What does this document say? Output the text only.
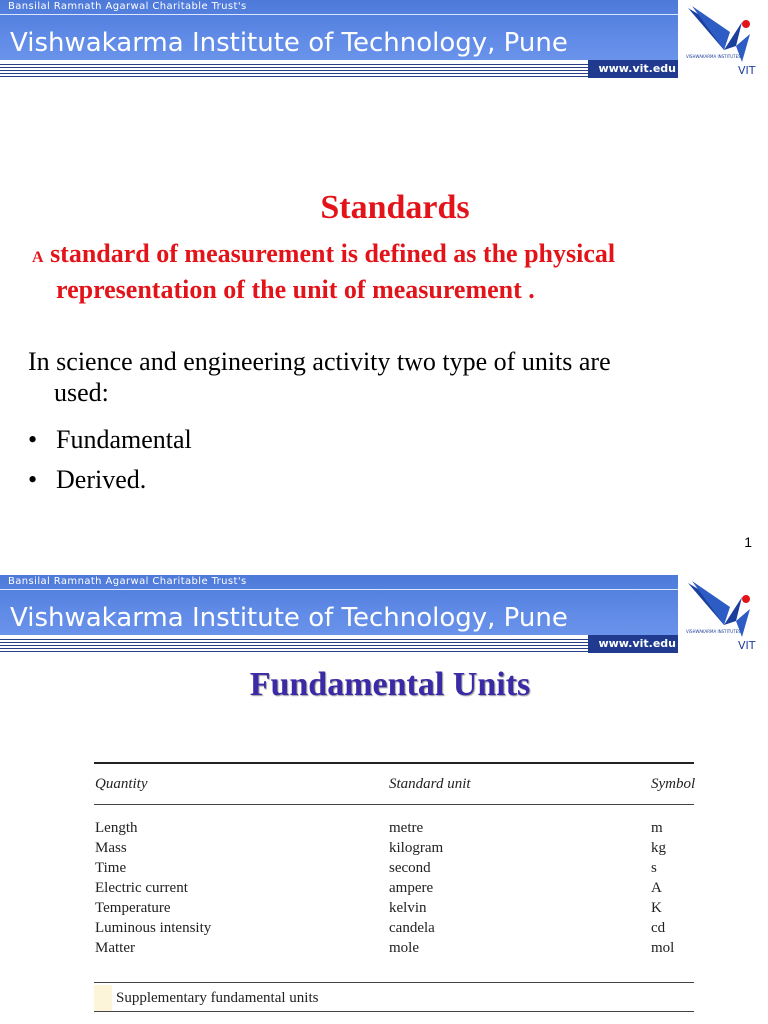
Bansilal Ramnath Agarwal Charitable Trust's
Vishwakarma Institute of Technology, Pune
www.vit.edu
VISHWAKARMA INSTITUTES
VIT
Standards
A standard of measurement is defined as the physical
representation of the unit of measurement .
In science and engineering activity two type of units are
used:
• Fundamental
• Derived.
1
Bansilal Ramnath Agarwal Charitable Trust's
Vishwakarma Institute of Technology, Pune
www.vit.edu
VISHWAKARMA INSTITUTES
VIT
Fundamental Units
Quantity	Standard unit	Symbol
Length	metre	m
Mass	kilogram	kg
Time	second	s
Electric current	ampere	A
Temperature	kelvin	K
Luminous intensity	candela	cd
Matter	mole	mol
Supplementary fundamental units
